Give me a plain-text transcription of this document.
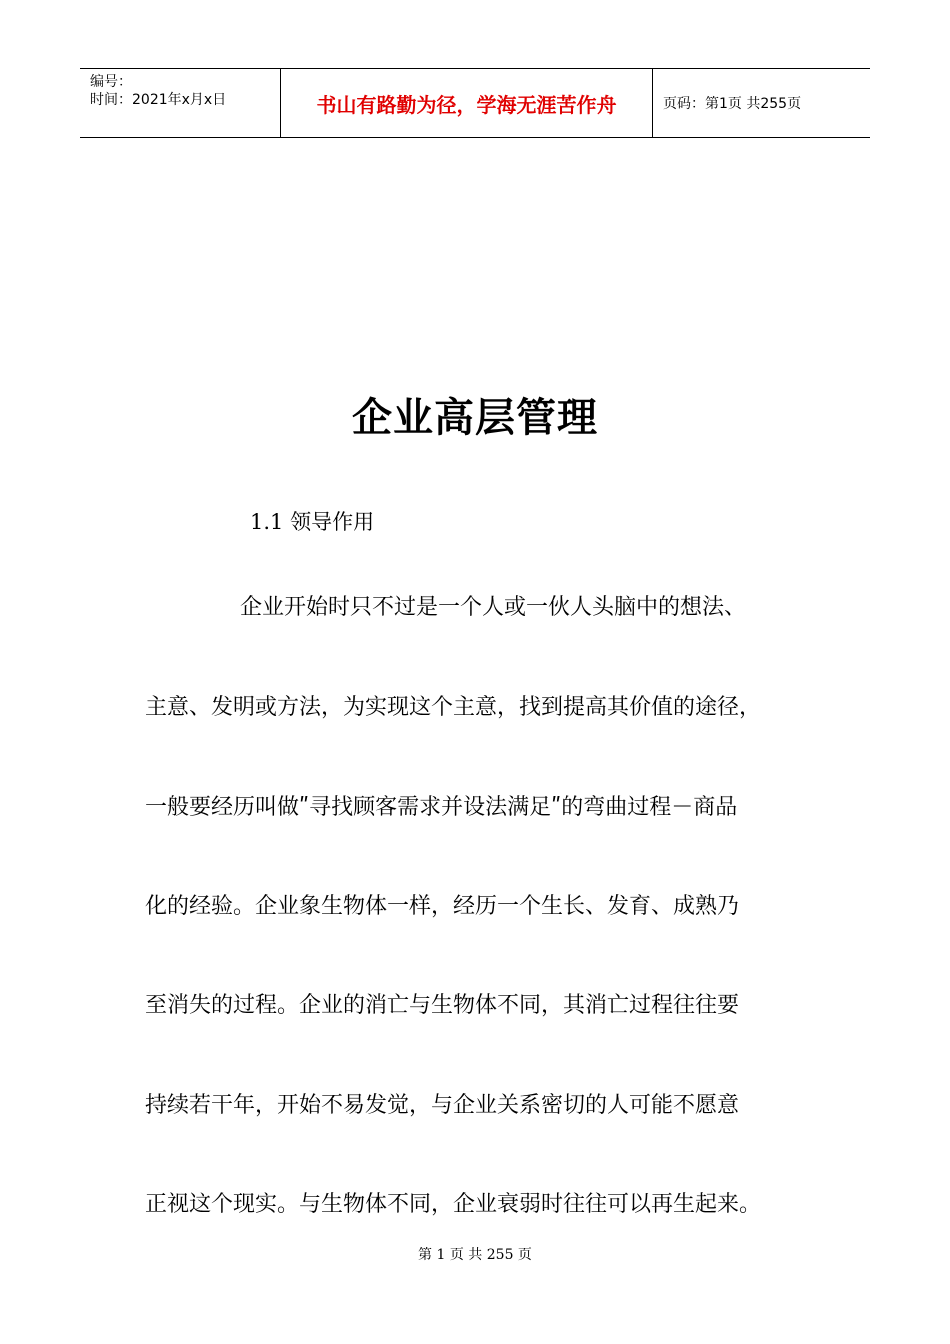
编号：
时间：2021年x月x日	书山有路勤为径，学海无涯苦作舟	页码：第1页 共255页
企业高层管理
1.1 领导作用
企业开始时只不过是一个人或一伙人头脑中的想法、
主意、发明或方法，为实现这个主意，找到提高其价值的途径，
一般要经历叫做ʺ寻找顾客需求并设法满足ʺ的弯曲过程－商品
化的经验。企业象生物体一样，经历一个生长、发育、成熟乃
至消失的过程。企业的消亡与生物体不同，其消亡过程往往要
持续若干年，开始不易发觉，与企业关系密切的人可能不愿意
正视这个现实。与生物体不同，企业衰弱时往往可以再生起来。
第 1 页 共 255 页
